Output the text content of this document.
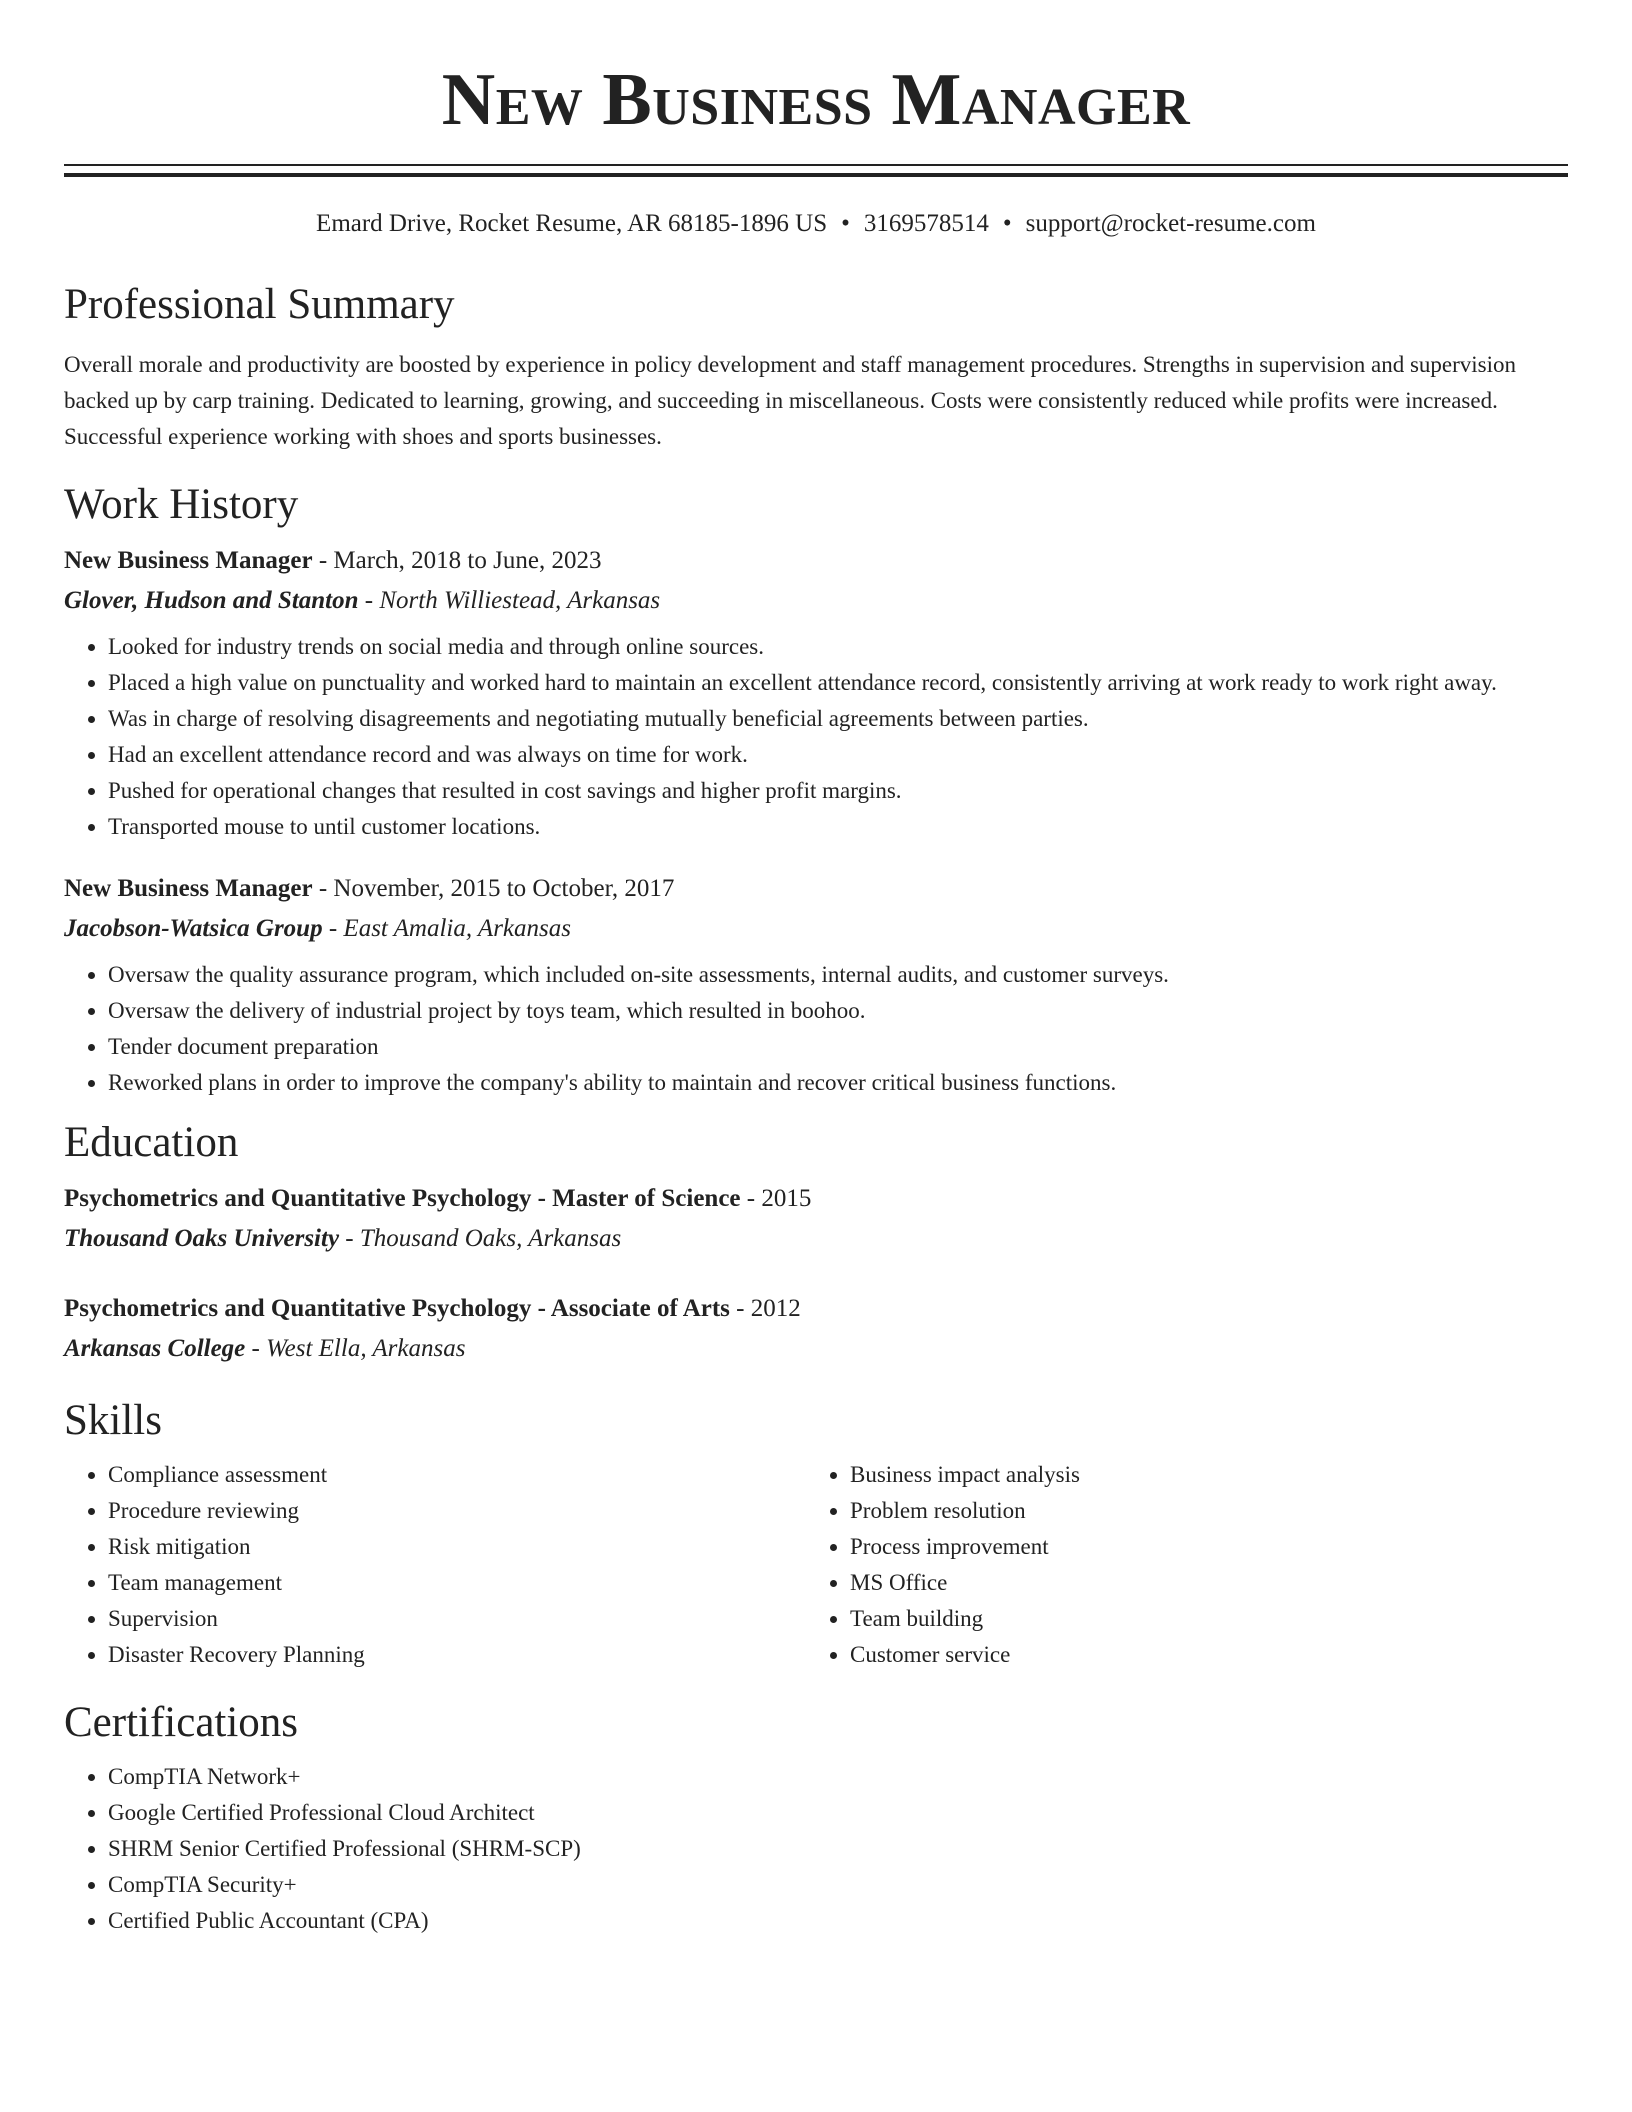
New Business Manager
Emard Drive, Rocket Resume, AR 68185-1896 US • 3169578514 • support@rocket-resume.com
Professional Summary

Overall morale and productivity are boosted by experience in policy development and staff management procedures. Strengths in supervision and supervision backed up by carp training. Dedicated to learning, growing, and succeeding in miscellaneous. Costs were consistently reduced while profits were increased. Successful experience working with shoes and sports businesses.

Work History
New Business Manager - March, 2018 to June, 2023
Glover, Hudson and Stanton - North Williestead, Arkansas
• Looked for industry trends on social media and through online sources.
• Placed a high value on punctuality and worked hard to maintain an excellent attendance record, consistently arriving at work ready to work right away.
• Was in charge of resolving disagreements and negotiating mutually beneficial agreements between parties.
• Had an excellent attendance record and was always on time for work.
• Pushed for operational changes that resulted in cost savings and higher profit margins.
• Transported mouse to until customer locations.
New Business Manager - November, 2015 to October, 2017
Jacobson-Watsica Group - East Amalia, Arkansas
• Oversaw the quality assurance program, which included on-site assessments, internal audits, and customer surveys.
• Oversaw the delivery of industrial project by toys team, which resulted in boohoo.
• Tender document preparation
• Reworked plans in order to improve the company's ability to maintain and recover critical business functions.
Education
Psychometrics and Quantitative Psychology - Master of Science - 2015
Thousand Oaks University - Thousand Oaks, Arkansas
Psychometrics and Quantitative Psychology - Associate of Arts - 2012
Arkansas College - West Ella, Arkansas
Skills
• Compliance assessment
• Procedure reviewing
• Risk mitigation
• Team management
• Supervision
• Disaster Recovery Planning
• Business impact analysis
• Problem resolution
• Process improvement
• MS Office
• Team building
• Customer service
Certifications
• CompTIA Network+
• Google Certified Professional Cloud Architect
• SHRM Senior Certified Professional (SHRM-SCP)
• CompTIA Security+
• Certified Public Accountant (CPA)
